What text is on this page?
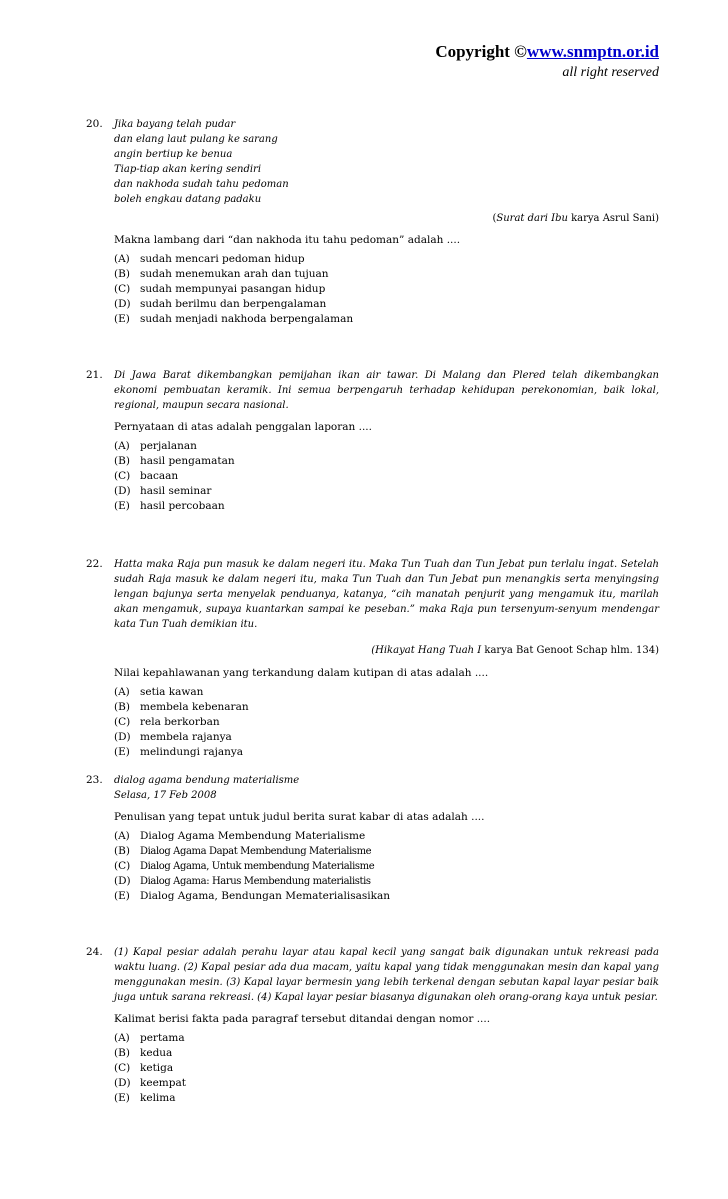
Copyright ©www.snmptn.or.id
all right reserved
20. Jika bayang telah pudar
dan elang laut pulang ke sarang
angin bertiup ke benua
Tiap-tiap akan kering sendiri
dan nakhoda sudah tahu pedoman
boleh engkau datang padaku
(Surat dari Ibu karya Asrul Sani)
Makna lambang dari “dan nakhoda itu tahu pedoman” adalah ....
(A) sudah mencari pedoman hidup
(B) sudah menemukan arah dan tujuan
(C) sudah mempunyai pasangan hidup
(D) sudah berilmu dan berpengalaman
(E) sudah menjadi nakhoda berpengalaman
21. Di Jawa Barat dikembangkan pemijahan ikan air tawar. Di Malang dan Plered telah dikembangkan ekonomi pembuatan keramik. Ini semua berpengaruh terhadap kehidupan perekonomian, baik lokal, regional, maupun secara nasional.
Pernyataan di atas adalah penggalan laporan ....
(A) perjalanan
(B) hasil pengamatan
(C) bacaan
(D) hasil seminar
(E) hasil percobaan
22. Hatta maka Raja pun masuk ke dalam negeri itu. Maka Tun Tuah dan Tun Jebat pun terlalu ingat. Setelah sudah Raja masuk ke dalam negeri itu, maka Tun Tuah dan Tun Jebat pun menangkis serta menyingsing lengan bajunya serta menyelak penduanya, katanya, “cih manatah penjurit yang mengamuk itu, marilah akan mengamuk, supaya kuantarkan sampai ke peseban.” maka Raja pun tersenyum-senyum mendengar kata Tun Tuah demikian itu.
(Hikayat Hang Tuah I karya Bat Genoot Schap hlm. 134)
Nilai kepahlawanan yang terkandung dalam kutipan di atas adalah ....
(A) setia kawan
(B) membela kebenaran
(C) rela berkorban
(D) membela rajanya
(E) melindungi rajanya
23. dialog agama bendung materialisme
Selasa, 17 Feb 2008
Penulisan yang tepat untuk judul berita surat kabar di atas adalah ....
(A) Dialog Agama Membendung Materialisme
(B)	Dialog Agama Dapat Membendung Materialisme
(C) Dialog Agama, Untuk membendung Materialisme
(D) Dialog Agama: Harus Membendung materialistis
(E) Dialog Agama, Bendungan Mematerialisasikan
24. (1) Kapal pesiar adalah perahu layar atau kapal kecil yang sangat baik digunakan untuk rekreasi pada waktu luang. (2) Kapal pesiar ada dua macam, yaitu kapal yang tidak menggunakan mesin dan kapal yang menggunakan mesin. (3) Kapal layar bermesin yang lebih terkenal dengan sebutan kapal layar pesiar baik juga untuk sarana rekreasi. (4) Kapal layar pesiar biasanya digunakan oleh orang-orang kaya untuk pesiar.
Kalimat berisi fakta pada paragraf tersebut ditandai dengan nomor ....
(A) pertama
(B) kedua
(C) ketiga
(D) keempat
(E) kelima
